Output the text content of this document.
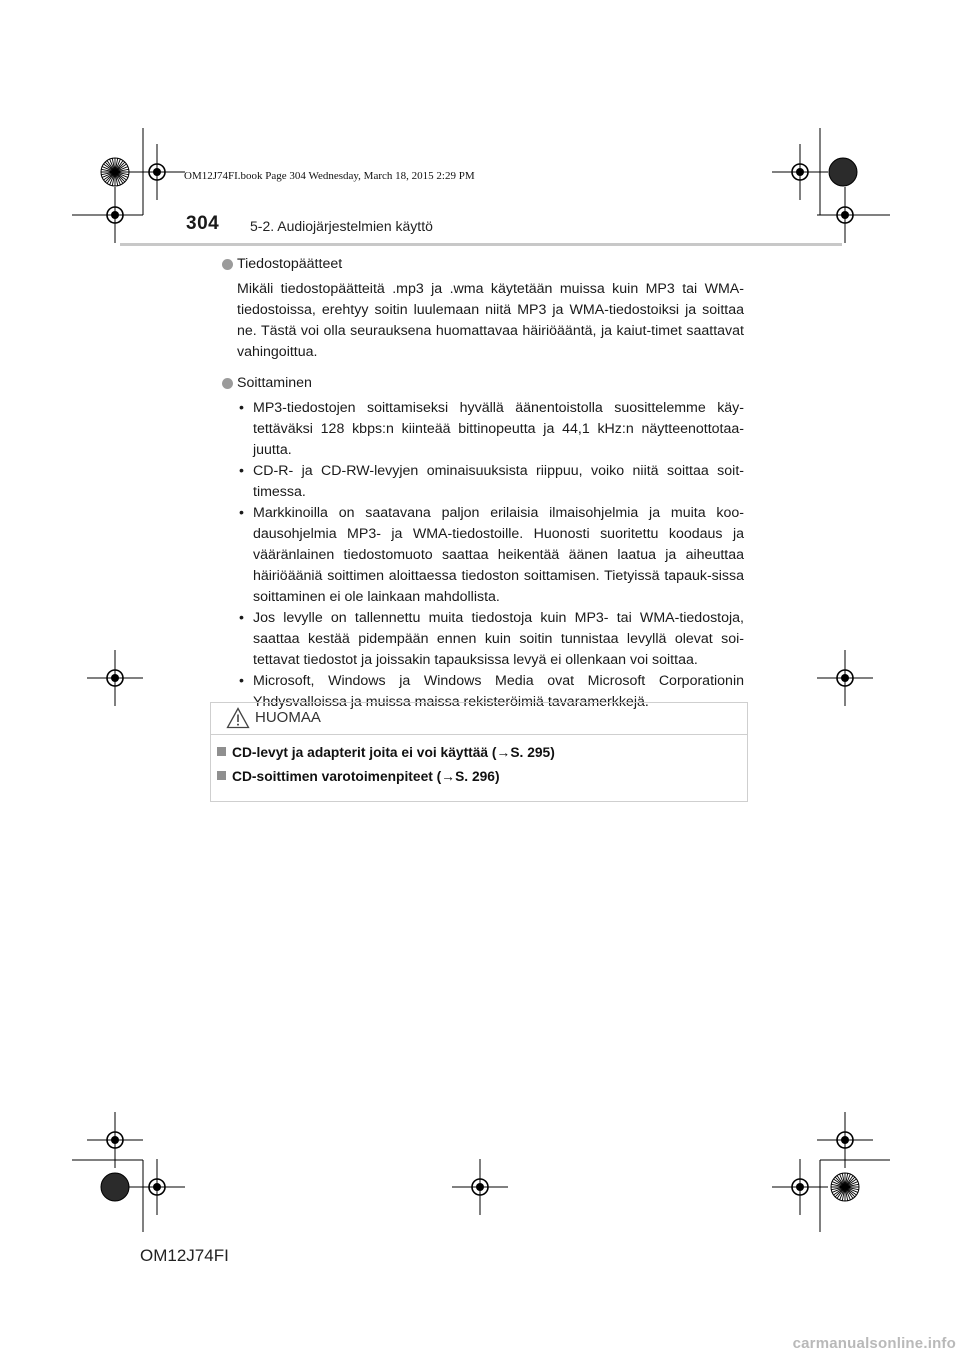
OM12J74FI.book Page 304 Wednesday, March 18, 2015 2:29 PM
304 5-2. Audiojärjestelmien käyttö
Tiedostopäätteet
Mikäli tiedostopäätteitä .mp3 ja .wma käytetään muissa kuin MP3 tai WMA-tiedostoissa, erehtyy soitin luulemaan niitä MP3 ja WMA-tiedostoiksi ja soittaa ne. Tästä voi olla seurauksena huomattavaa häiriöääntä, ja kaiut-timet saattavat vahingoittua.
Soittaminen
• MP3-tiedostojen soittamiseksi hyvällä äänentoistolla suosittelemme käy-tettäväksi 128 kbps:n kiinteää bittinopeutta ja 44,1 kHz:n näytteenottotaa-juutta.
• CD-R- ja CD-RW-levyjen ominaisuuksista riippuu, voiko niitä soittaa soit-timessa.
• Markkinoilla on saatavana paljon erilaisia ilmaisohjelmia ja muita koo-dausohjelmia MP3- ja WMA-tiedostoille. Huonosti suoritettu koodaus ja vääränlainen tiedostomuoto saattaa heikentää äänen laatua ja aiheuttaa häiriöääniä soittimen aloittaessa tiedoston soittamisen. Tietyissä tapauk-sissa soittaminen ei ole lainkaan mahdollista.
• Jos levylle on tallennettu muita tiedostoja kuin MP3- tai WMA-tiedostoja, saattaa kestää pidempään ennen kuin soitin tunnistaa levyllä olevat soi-tettavat tiedostot ja joissakin tapauksissa levyä ei ollenkaan voi soittaa.
• Microsoft, Windows ja Windows Media ovat Microsoft Corporationin Yhdysvalloissa ja muissa maissa rekisteröimiä tavaramerkkejä.
HUOMAA
CD-levyt ja adapterit joita ei voi käyttää (→S. 295)
CD-soittimen varotoimenpiteet (→S. 296)
OM12J74FI
carmanualsonline.info
